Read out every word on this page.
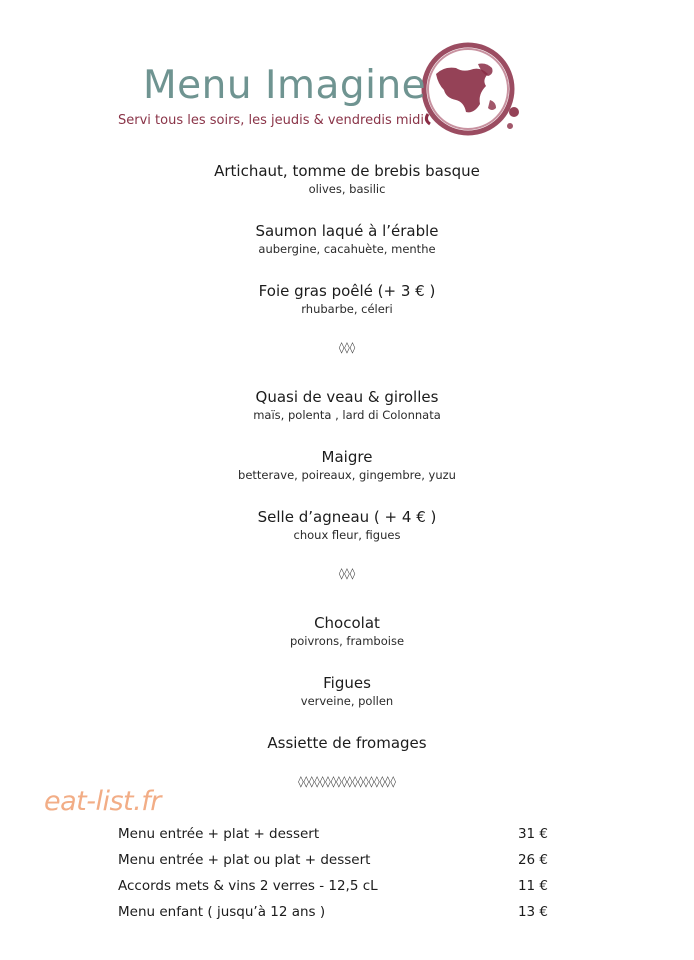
Menu Imagine
Servi tous les soirs, les jeudis & vendredis midi
Artichaut, tomme de brebis basque
olives, basilic
Saumon laqué à l’érable
aubergine, cacahuète, menthe
Foie gras poêlé (+ 3 € )
rhubarbe, céleri
◊◊◊
Quasi de veau & girolles
maïs, polenta , lard di Colonnata
Maigre
betterave, poireaux, gingembre, yuzu
Selle d’agneau ( + 4 € )
choux fleur, figues
◊◊◊
Chocolat
poivrons, framboise
Figues
verveine, pollen
Assiette de fromages
◊◊◊◊◊◊◊◊◊◊◊◊◊◊◊◊◊◊
eat-list.fr
Menu entrée + plat + dessert	31 €
Menu entrée + plat ou plat + dessert	26 €
Accords mets & vins 2 verres - 12,5 cL	11 €
Menu enfant ( jusqu’à 12 ans )	13 €
